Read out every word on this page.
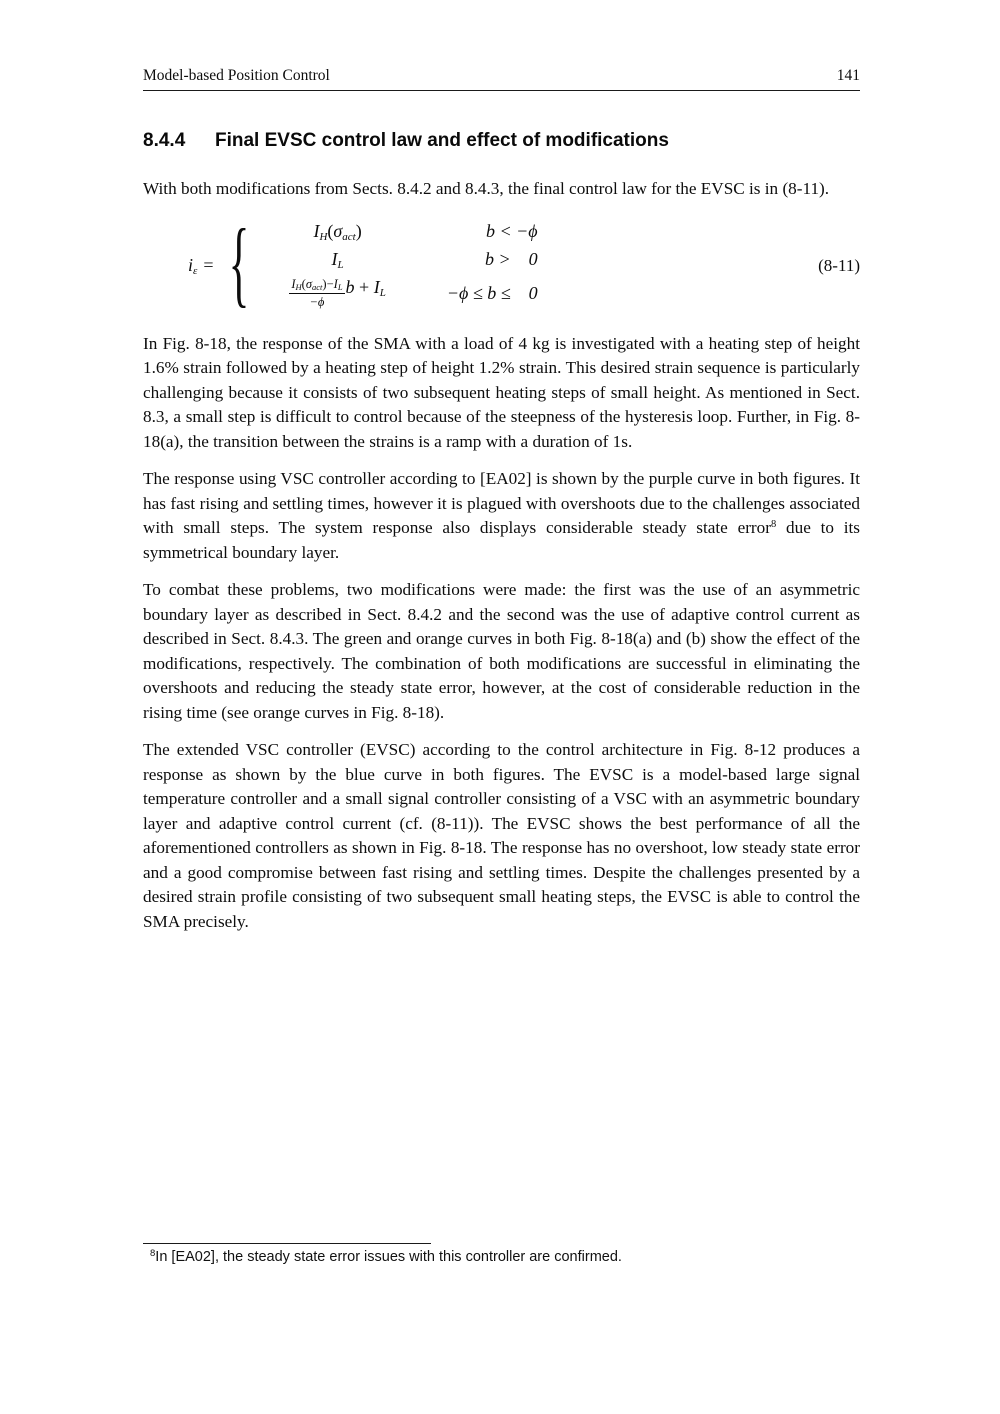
Model-based Position Control	141
8.4.4	Final EVSC control law and effect of modifications

With both modifications from Sects. 8.4.2 and 8.4.3, the final control law for the EVSC is in (8-11).

$i_\varepsilon$ = {	$I_H(\sigma_{act})$	b < −ϕ
$I_L$	b >    0
$\frac{I_H(\sigma_{act})-I_L}{-\phi}$ $b + I_L$	−ϕ ≤ b ≤    0
(8-11)

In Fig. 8-18, the response of the SMA with a load of 4 kg is investigated with a heating step of height 1.6% strain followed by a heating step of height 1.2% strain. This desired strain sequence is particularly challenging because it consists of two subsequent heating steps of small height. As mentioned in Sect. 8.3, a small step is difficult to control because of the steepness of the hysteresis loop. Further, in Fig. 8-18(a), the transition between the strains is a ramp with a duration of 1s.

The response using VSC controller according to [EA02] is shown by the purple curve in both figures. It has fast rising and settling times, however it is plagued with overshoots due to the challenges associated with small steps. The system response also displays considerable steady state error$^8$ due to its symmetrical boundary layer.

To combat these problems, two modifications were made: the first was the use of an asymmetric boundary layer as described in Sect. 8.4.2 and the second was the use of adaptive control current as described in Sect. 8.4.3. The green and orange curves in both Fig. 8-18(a) and (b) show the effect of the modifications, respectively. The combination of both modifications are successful in eliminating the overshoots and reducing the steady state error, however, at the cost of considerable reduction in the rising time (see orange curves in Fig. 8-18).

The extended VSC controller (EVSC) according to the control architecture in Fig. 8-12 produces a response as shown by the blue curve in both figures. The EVSC is a model-based large signal temperature controller and a small signal controller consisting of a VSC with an asymmetric boundary layer and adaptive control current (cf. (8-11)). The EVSC shows the best performance of all the aforementioned controllers as shown in Fig. 8-18. The response has no overshoot, low steady state error and a good compromise between fast rising and settling times. Despite the challenges presented by a desired strain profile consisting of two subsequent small heating steps, the EVSC is able to control the SMA precisely.

$^8$In [EA02], the steady state error issues with this controller are confirmed.
